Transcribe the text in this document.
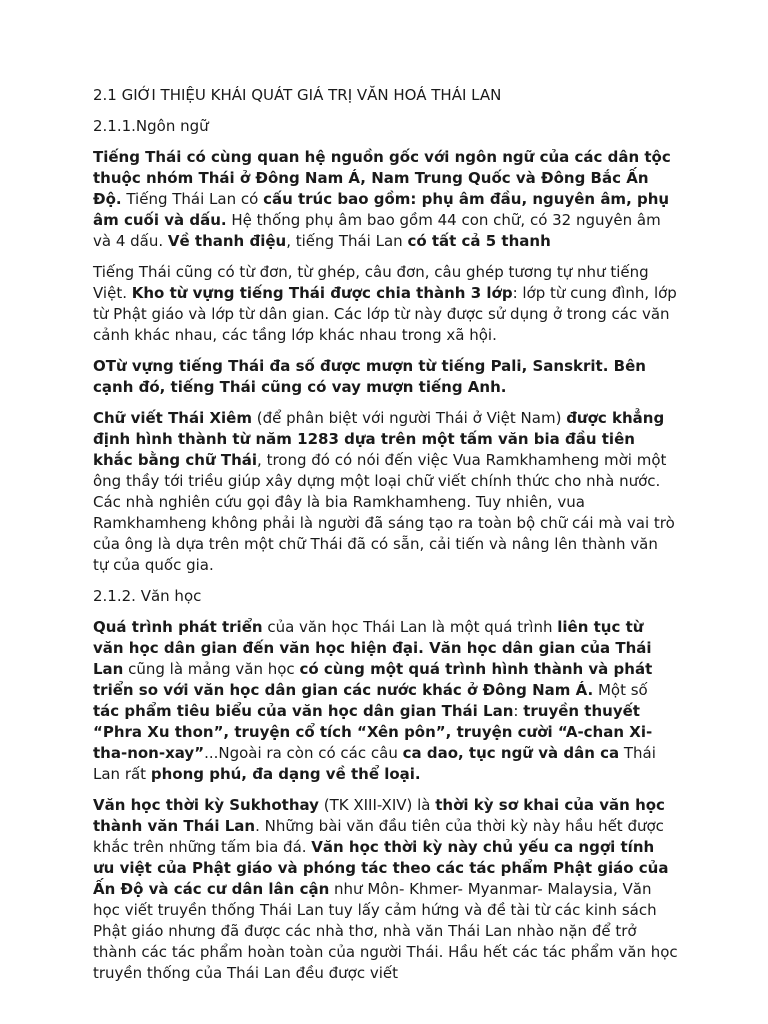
2.1 GIỚI THIỆU KHÁI QUÁT GIÁ TRỊ VĂN HOÁ THÁI LAN

2.1.1.Ngôn ngữ

Tiếng Thái có cùng quan hệ nguồn gốc với ngôn ngữ của các dân tộc thuộc nhóm Thái ở Đông Nam Á, Nam Trung Quốc và Đông Bắc Ấn Độ. Tiếng Thái Lan có cấu trúc bao gồm: phụ âm đầu, nguyên âm, phụ âm cuối và dấu. Hệ thống phụ âm bao gồm 44 con chữ, có 32 nguyên âm và 4 dấu. Về thanh điệu, tiếng Thái Lan có tất cả 5 thanh

Tiếng Thái cũng có từ đơn, từ ghép, câu đơn, câu ghép tương tự như tiếng Việt. Kho từ vựng tiếng Thái được chia thành 3 lớp: lớp từ cung đình, lớp từ Phật giáo và lớp từ dân gian. Các lớp từ này được sử dụng ở trong các văn cảnh khác nhau, các tầng lớp khác nhau trong xã hội.

OTừ vựng tiếng Thái đa số được mượn từ tiếng Pali, Sanskrit. Bên cạnh đó, tiếng Thái cũng có vay mượn tiếng Anh.

Chữ viết Thái Xiêm (để phân biệt với người Thái ở Việt Nam) được khẳng định hình thành từ năm 1283 dựa trên một tấm văn bia đầu tiên khắc bằng chữ Thái, trong đó có nói đến việc Vua Ramkhamheng mời một ông thầy tới triều giúp xây dựng một loại chữ viết chính thức cho nhà nước. Các nhà nghiên cứu gọi đây là bia Ramkhamheng. Tuy nhiên, vua Ramkhamheng không phải là người đã sáng tạo ra toàn bộ chữ cái mà vai trò của ông là dựa trên một chữ Thái đã có sẵn, cải tiến và nâng lên thành văn tự của quốc gia.

2.1.2. Văn học

Quá trình phát triển của văn học Thái Lan là một quá trình liên tục từ văn học dân gian đến văn học hiện đại. Văn học dân gian của Thái Lan cũng là mảng văn học có cùng một quá trình hình thành và phát triển so với văn học dân gian các nước khác ở Đông Nam Á. Một số tác phẩm tiêu biểu của văn học dân gian Thái Lan: truyền thuyết “Phra Xu thon”, truyện cổ tích “Xên pôn”, truyện cười “A-chan Xi-tha-non-xay”...Ngoài ra còn có các câu ca dao, tục ngữ và dân ca Thái Lan rất phong phú, đa dạng về thể loại.

Văn học thời kỳ Sukhothay (TK XIII-XIV) là thời kỳ sơ khai của văn học thành văn Thái Lan. Những bài văn đầu tiên của thời kỳ này hầu hết được khắc trên những tấm bia đá. Văn học thời kỳ này chủ yếu ca ngợi tính ưu việt của Phật giáo và phóng tác theo các tác phẩm Phật giáo của Ấn Độ và các cư dân lân cận như Môn- Khmer- Myanmar- Malaysia, Văn học viết truyền thống Thái Lan tuy lấy cảm hứng và đề tài từ các kinh sách Phật giáo nhưng đã được các nhà thơ, nhà văn Thái Lan nhào nặn để trở thành các tác phẩm hoàn toàn của người Thái. Hầu hết các tác phẩm văn học truyền thống của Thái Lan đều được viết
